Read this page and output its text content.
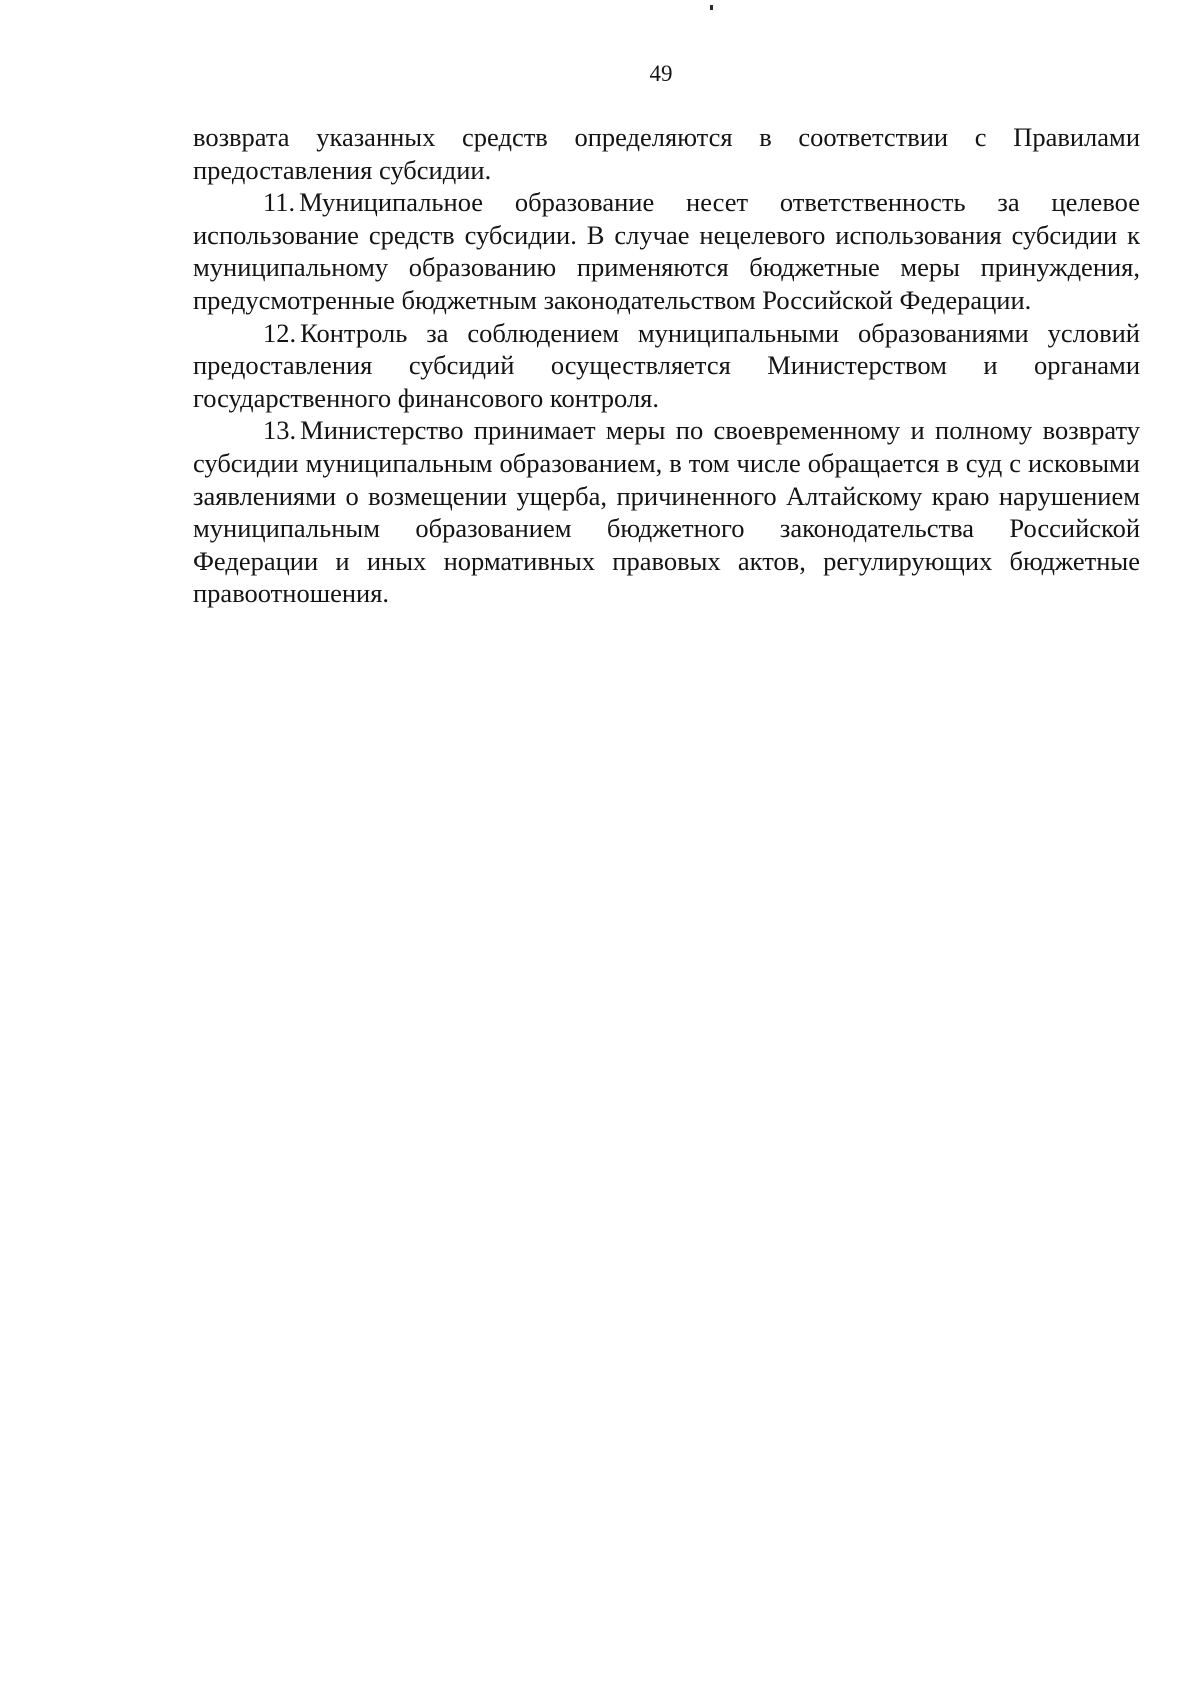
49

возврата указанных средств определяются в соответствии с Правилами предоставления субсидии.

11. Муниципальное образование несет ответственность за целевое использование средств субсидии. В случае нецелевого использования субсидии к муниципальному образованию применяются бюджетные меры принуждения, предусмотренные бюджетным законодательством Российской Федерации.

12. Контроль за соблюдением муниципальными образованиями условий предоставления субсидий осуществляется Министерством и органами государственного финансового контроля.

13. Министерство принимает меры по своевременному и полному возврату субсидии муниципальным образованием, в том числе обращается в суд с исковыми заявлениями о возмещении ущерба, причиненного Алтайскому краю нарушением муниципальным образованием бюджетного законодательства Российской Федерации и иных нормативных правовых актов, регулирующих бюджетные правоотношения.
